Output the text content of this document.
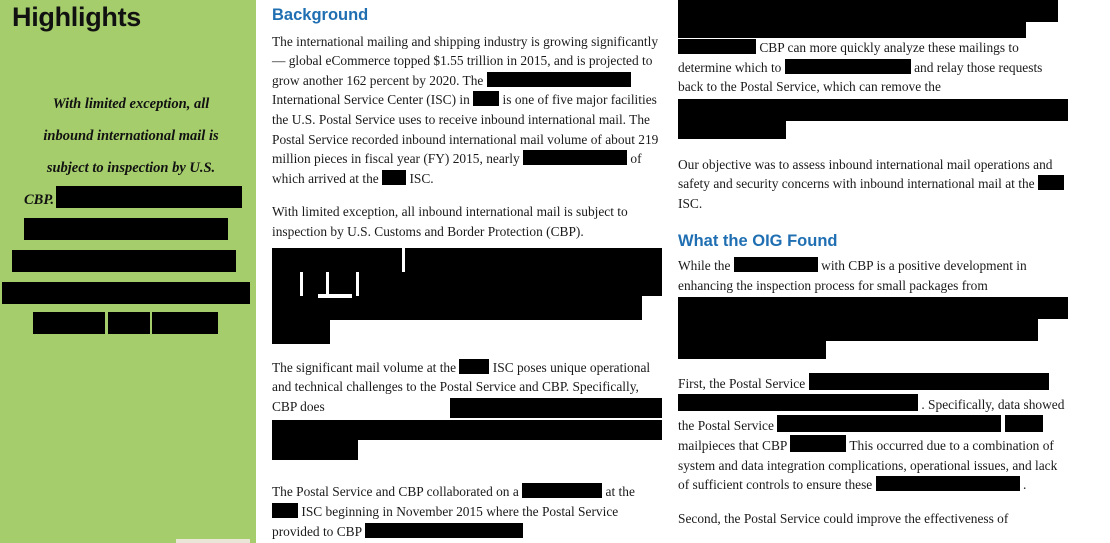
Highlights
With limited exception, all
inbound international mail is
subject to inspection by U.S.
CBP.
Background

The international mailing and shipping industry is growing significantly — global eCommerce topped $1.55 trillion in 2015, and is projected to grow another 162 percent by 2020. The  International Service Center (ISC) in is one of five major facilities the U.S. Postal Service uses to receive inbound international mail. The Postal Service recorded inbound international mail volume of about 219 million pieces in fiscal year (FY) 2015, nearly	of which arrived at the ISC.

With limited exception, all inbound international mail is subject to inspection by U.S. Customs and Border Protection (CBP).

The significant mail volume at the	ISC poses unique operational and technical challenges to the Postal Service and CBP. Specifically, CBP does

The Postal Service and CBP collaborated on a	at the  ISC beginning in November 2015 where the Postal Service provided to CBP

CBP can more quickly analyze these mailings to determine which to	and relay those requests back to the Postal Service, which can remove the

Our objective was to assess inbound international mail operations and safety and security concerns with inbound international mail at the  ISC.

What the OIG Found

While the	with CBP is a positive development in enhancing the inspection process for small packages from

First, the Postal Service   . Specifically, data showed the Postal Service   mailpieces that CBP	This occurred due to a combination of system and data integration complications, operational issues, and lack of sufficient controls to ensure these	.

Second, the Postal Service could improve the effectiveness of
